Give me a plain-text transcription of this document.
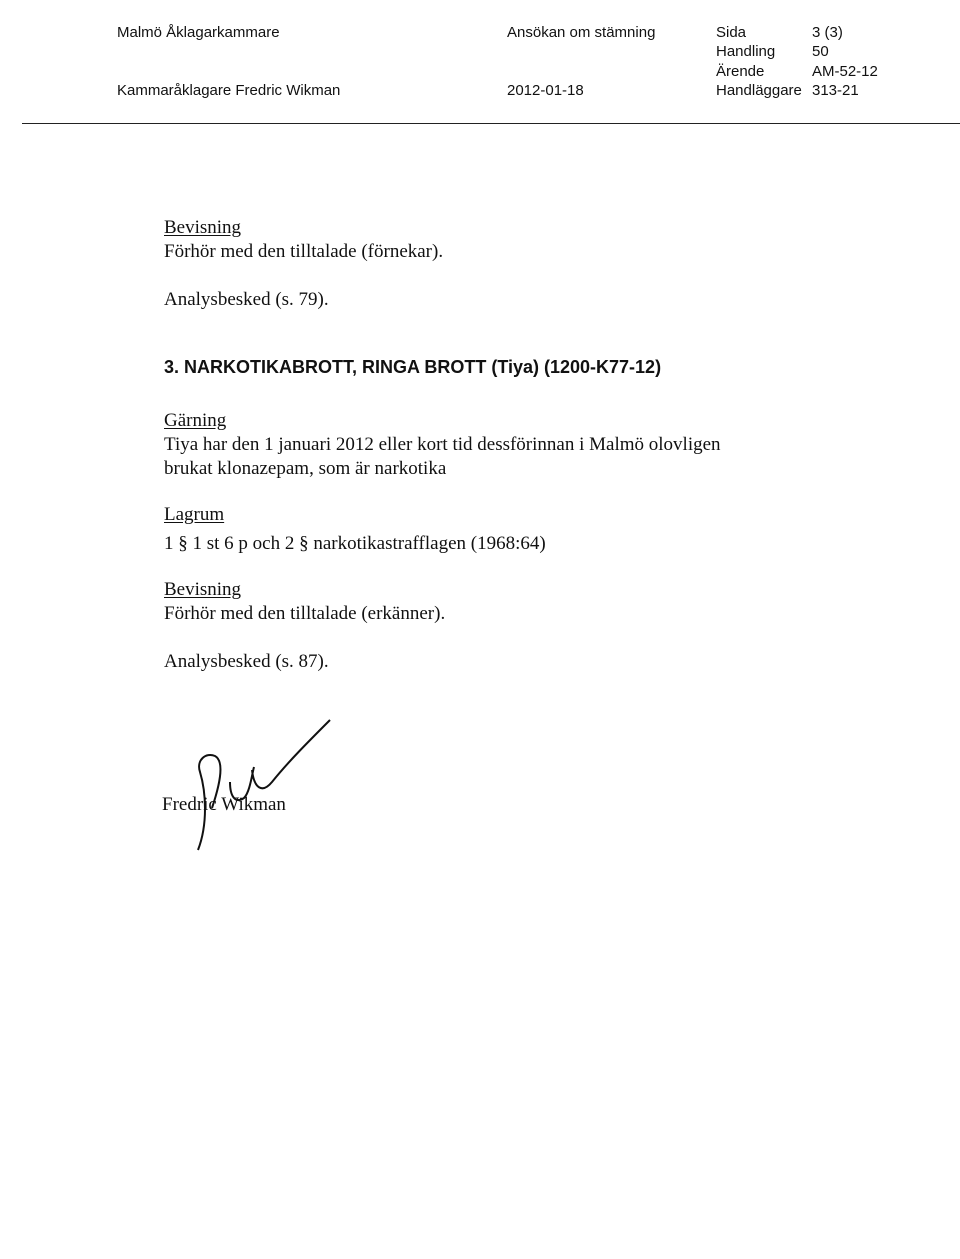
Malmö Åklagarkammare
Kammaråklagare Fredric Wikman
Ansökan om stämning
2012-01-18
Sida	3 (3)
Handling 50
Ärende	AM-52-12
Handläggare 313-21
Bevisning
Förhör med den tilltalade (förnekar).
Analysbesked (s. 79).
3. NARKOTIKABROTT, RINGA BROTT (Tiya) (1200-K77-12)
Gärning
Tiya har den 1 januari 2012 eller kort tid dessförinnan i Malmö olovligen
brukat klonazepam, som är narkotika
Lagrum
1 § 1 st 6 p och 2 § narkotikastrafflagen (1968:64)
Bevisning
Förhör med den tilltalade (erkänner).
Analysbesked (s. 87).
Fredric Wikman
